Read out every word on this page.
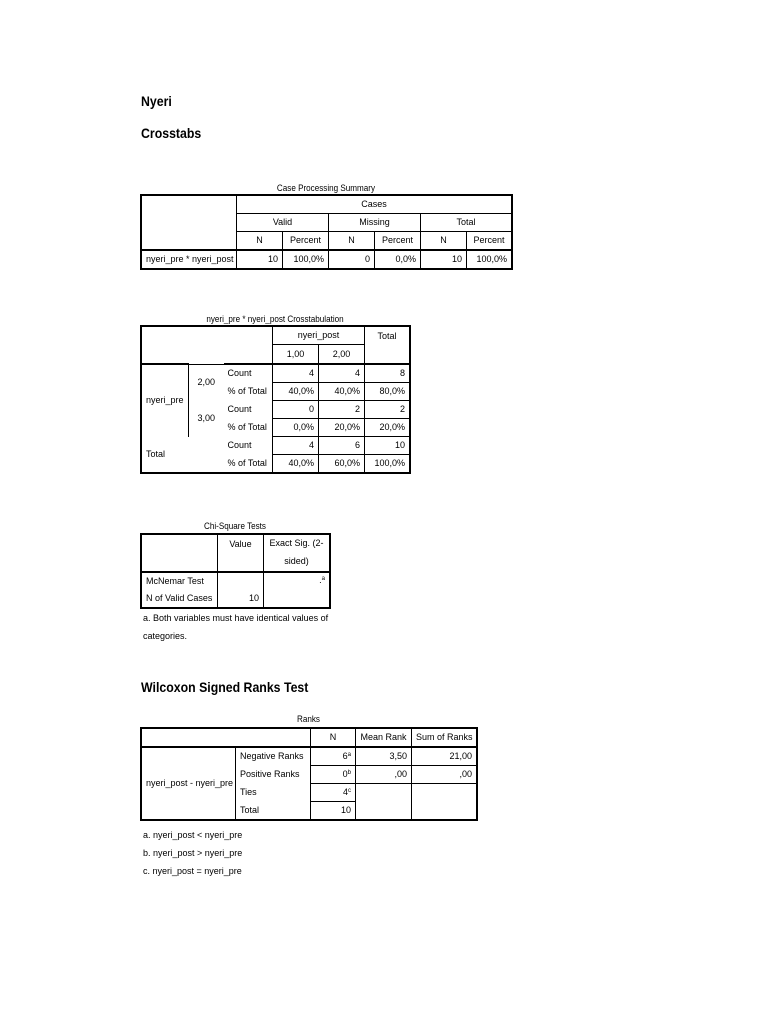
Nyeri
Crosstabs
Case Processing Summary
	Cases					
	Valid		Missing		Total	
	N	Percent	N	Percent	N	Percent
nyeri_pre * nyeri_post	10	100,0%	0	0,0%	10	100,0%
nyeri_pre * nyeri_post Crosstabulation
			nyeri_post		Total
			1,00	2,00	
nyeri_pre	2,00	Count	4	4	8
		% of Total	40,0%	40,0%	80,0%
	3,00	Count	0	2	2
		% of Total	0,0%	20,0%	20,0%
Total		Count	4	6	10
		% of Total	40,0%	60,0%	100,0%
Chi-Square Tests
	Value	Exact Sig. (2-
		sided)
McNemar Test		.$^a$
N of Valid Cases	10	
a. Both variables must have identical values of
categories.
Wilcoxon Signed Ranks Test
Ranks
		N	Mean Rank	Sum of Ranks
nyeri_post - nyeri_pre	Negative Ranks	6$^a$	3,50	21,00
	Positive Ranks	0$^b$	,00	,00
	Ties	4$^c$		
	Total	10		
a. nyeri_post < nyeri_pre
b. nyeri_post > nyeri_pre
c. nyeri_post = nyeri_pre
